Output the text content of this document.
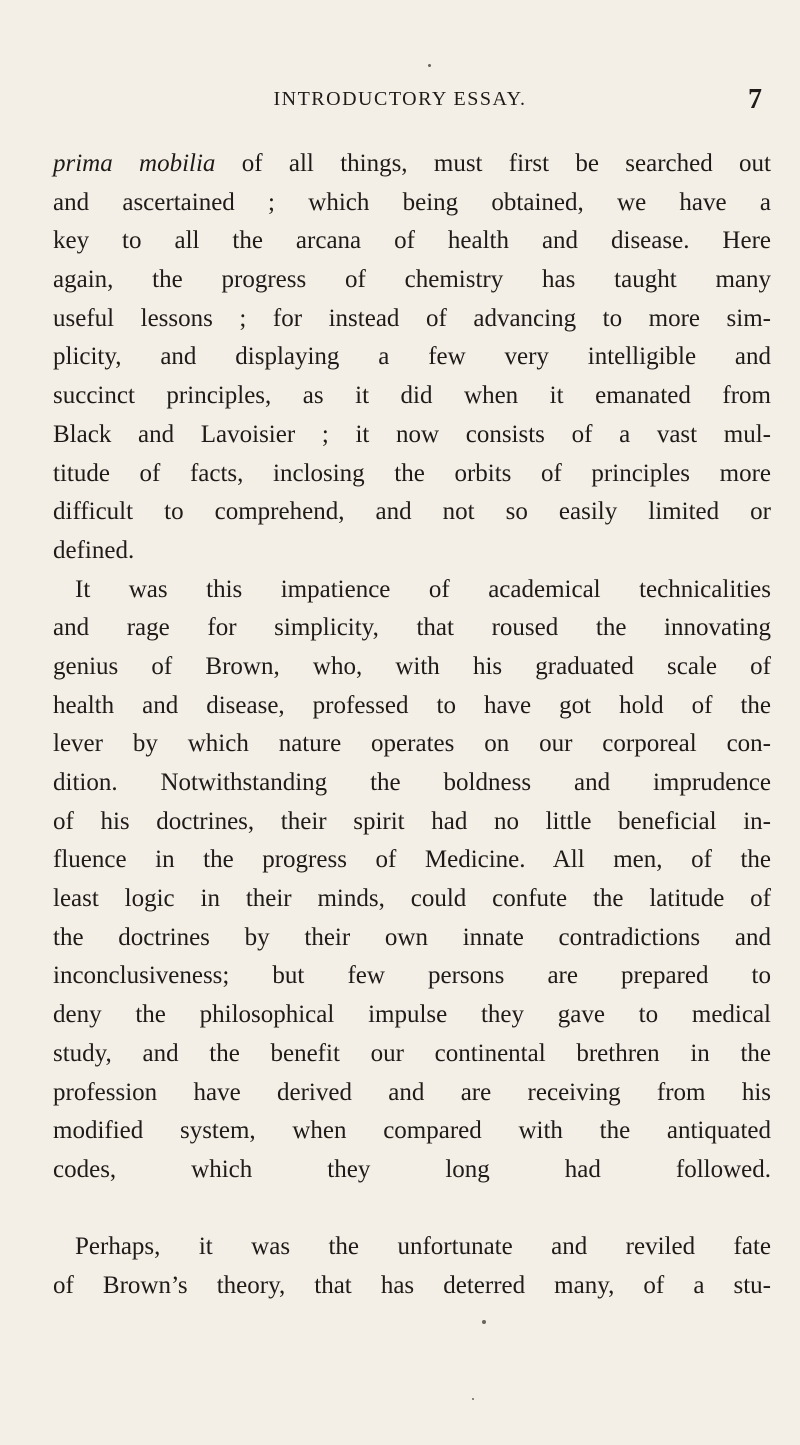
INTRODUCTORY ESSAY.	7
prima mobilia of all things, must first be searched out
and ascertained ; which being obtained, we have a
key to all the arcana of health and disease. Here
again, the progress of chemistry has taught many
useful lessons ; for instead of advancing to more sim-
plicity, and displaying a few very intelligible and
succinct principles, as it did when it emanated from
Black and Lavoisier ; it now consists of a vast mul-
titude of facts, inclosing the orbits of principles more
difficult to comprehend, and not so easily limited or
defined.
It was this impatience of academical technicalities
and rage for simplicity, that roused the innovating
genius of Brown, who, with his graduated scale of
health and disease, professed to have got hold of the
lever by which nature operates on our corporeal con-
dition. Notwithstanding the boldness and imprudence
of his doctrines, their spirit had no little beneficial in-
fluence in the progress of Medicine. All men, of the
least logic in their minds, could confute the latitude of
the doctrines by their own innate contradictions and
inconclusiveness; but few persons are prepared to
deny the philosophical impulse they gave to medical
study, and the benefit our continental brethren in the
profession have derived and are receiving from his
modified system, when compared with the antiquated
codes, which they long had followed.
Perhaps, it was the unfortunate and reviled fate
of Brown’s theory, that has deterred many, of a stu-
